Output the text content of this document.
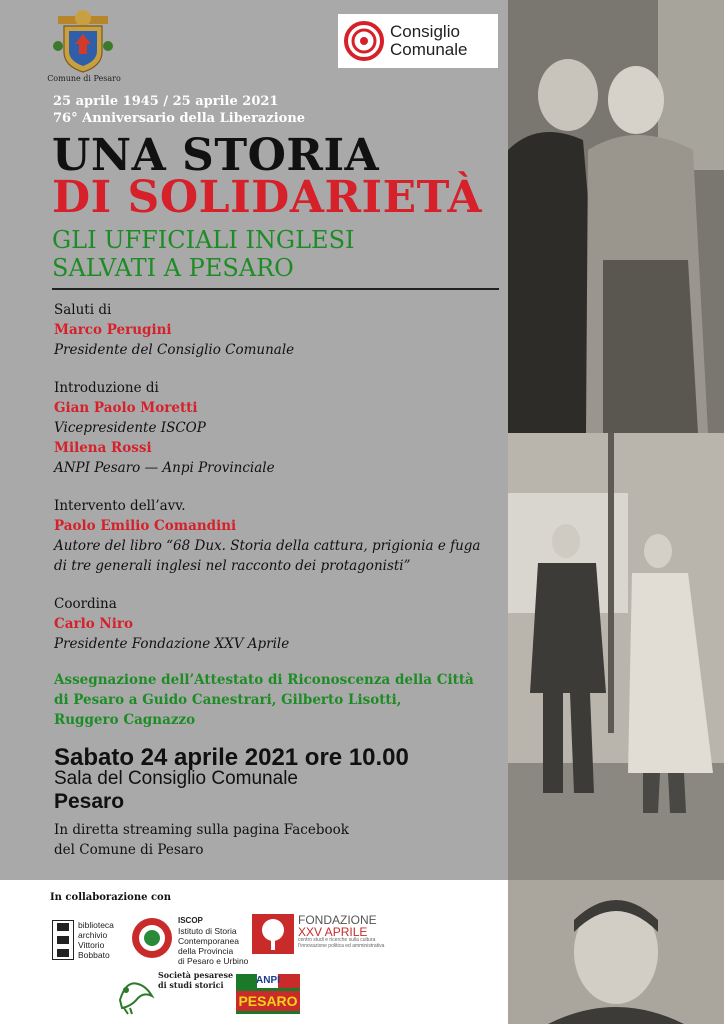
Comune di Pesaro
Consiglio
Comunale
25 aprile 1945 / 25 aprile 2021
76° Anniversario della Liberazione
UNA STORIA
DI SOLIDARIETÀ
GLI UFFICIALI INGLESI
SALVATI A PESARO
Saluti di
Marco Perugini
Presidente del Consiglio Comunale
Introduzione di
Gian Paolo Moretti
Vicepresidente ISCOP
Milena Rossi
ANPI Pesaro — Anpi Provinciale
Intervento dell’avv.
Paolo Emilio Comandini
Autore del libro “68 Dux. Storia della cattura, prigionia e fuga
di tre generali inglesi nel racconto dei protagonisti”
Coordina
Carlo Niro
Presidente Fondazione XXV Aprile
Assegnazione dell’Attestato di Riconoscenza della Città
di Pesaro a Guido Canestrari, Gilberto Lisotti,
Ruggero Cagnazzo
Sabato 24 aprile 2021 ore 10.00
Sala del Consiglio Comunale
Pesaro
In diretta streaming sulla pagina Facebook
del Comune di Pesaro
In collaborazione con
biblioteca
archivio
Vittorio
Bobbato
ISCOP
Istituto di Storia
Contemporanea
della Provincia
di Pesaro e Urbino
FONDAZIONE
XXV APRILE
centro studi e ricerche sulla cultura
l’innovazione politica ed amministrativa
Società pesarese
di studi storici	ANPI
PESARO
